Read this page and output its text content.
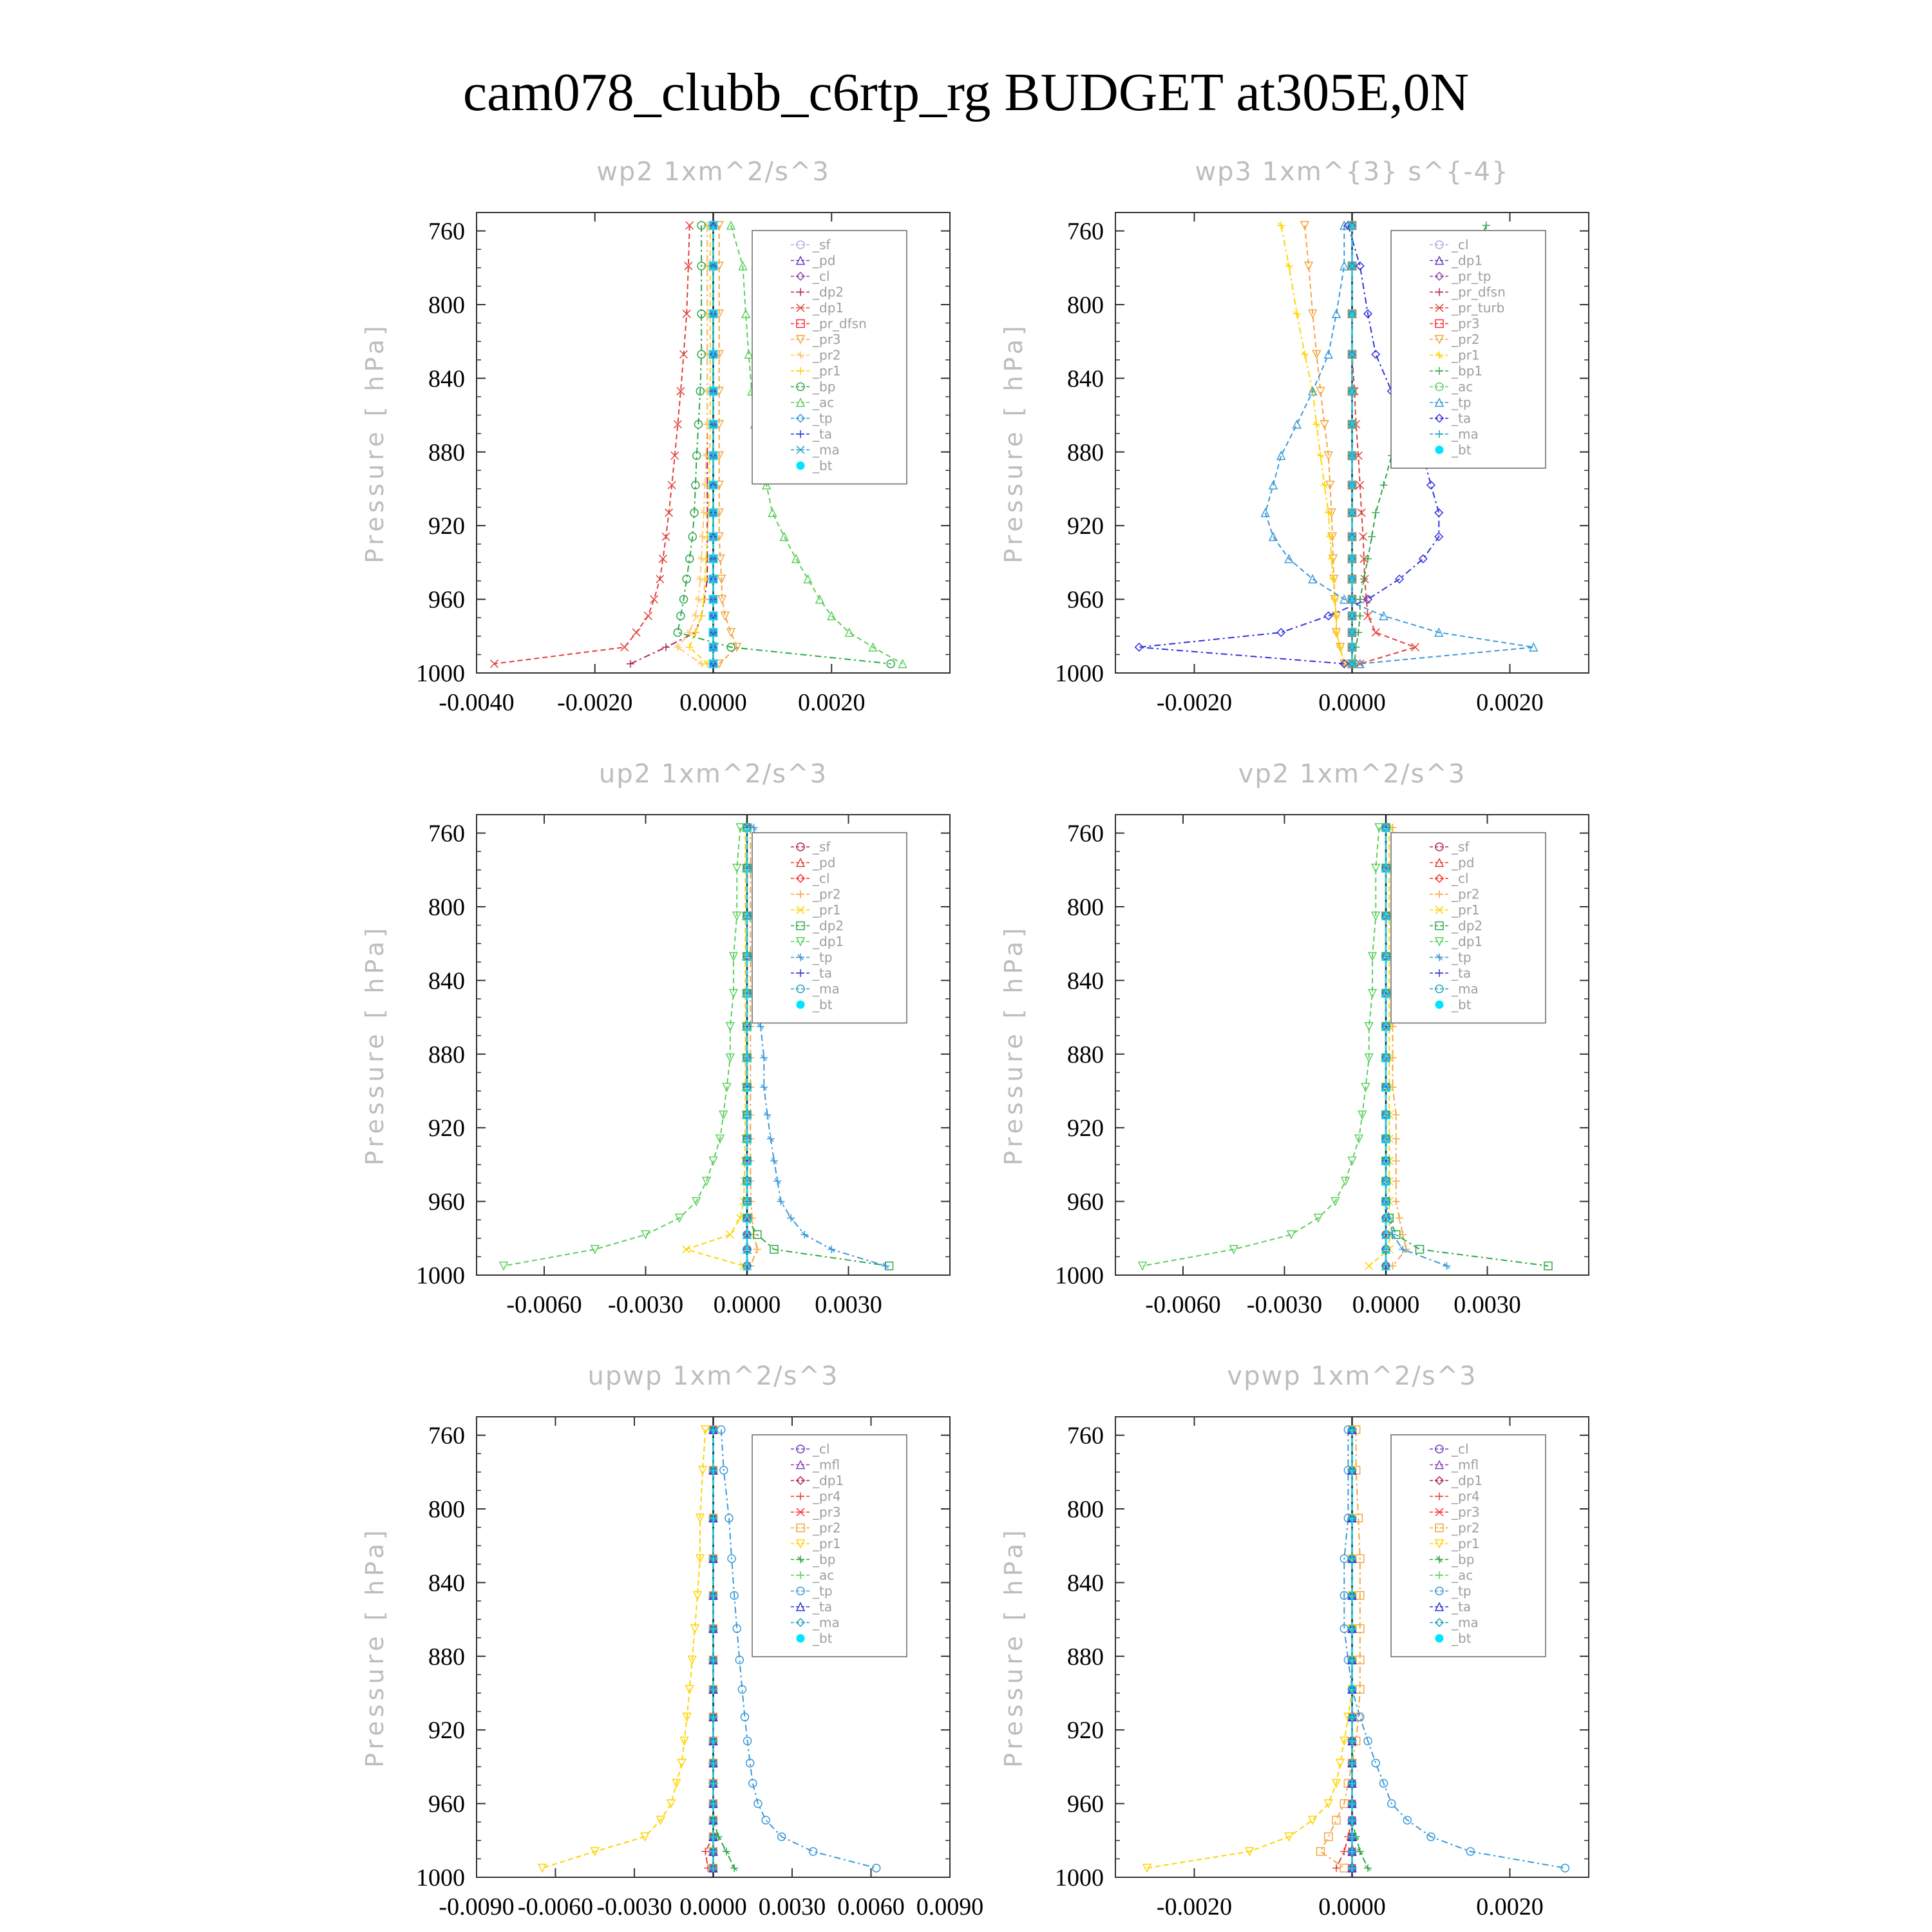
cam078_clubb_c6rtp_rg BUDGET at305E,0N
wp2 1xm^2/s^3
Pressure [ hPa]
760
800
840
880
920
960
1000
-0.0040 -0.0020 0.0000 0.0020
_sf
_pd
_cl
_dp2
_dp1
_pr_dfsn
_pr3
_pr2
_pr1
_bp
_ac
_tp
_ta
_ma
_bt
wp3 1xm^{3} s^{-4}
Pressure [ hPa]
760
800
840
880
920
960
1000
-0.0020	0.0000	0.0020
_cl
_dp1
_pr_tp
_pr_dfsn
_pr_turb
_pr3
_pr2
_pr1
_bp1
_ac
_tp
_ta
_ma
_bt
up2 1xm^2/s^3
Pressure [ hPa]
760
800
840
880
920
960
1000
-0.0060 -0.0030 0.0000 0.0030
_sf
_pd
_cl
_pr2
_pr1
_dp2
_dp1
_tp
_ta
_ma
_bt
vp2 1xm^2/s^3
Pressure [ hPa]
760
800
840
880
920
960
1000
-0.0060 -0.0030 0.0000 0.0030
_sf
_pd
_cl
_pr2
_pr1
_dp2
_dp1
_tp
_ta
_ma
_bt
upwp 1xm^2/s^3
Pressure [ hPa]
760
800
840
880
920
960
1000
-0.0090 -0.0060 -0.0030 0.0000 0.0030 0.0060 0.0090
_cl
_mfl
_dp1
_pr4
_pr3
_pr2
_pr1
_bp
_ac
_tp
_ta
_ma
_bt
vpwp 1xm^2/s^3
Pressure [ hPa]
760
800
840
880
920
960
1000
-0.0020	0.0000	0.0020
_cl
_mfl
_dp1
_pr4
_pr3
_pr2
_pr1
_bp
_ac
_tp
_ta
_ma
_bt
